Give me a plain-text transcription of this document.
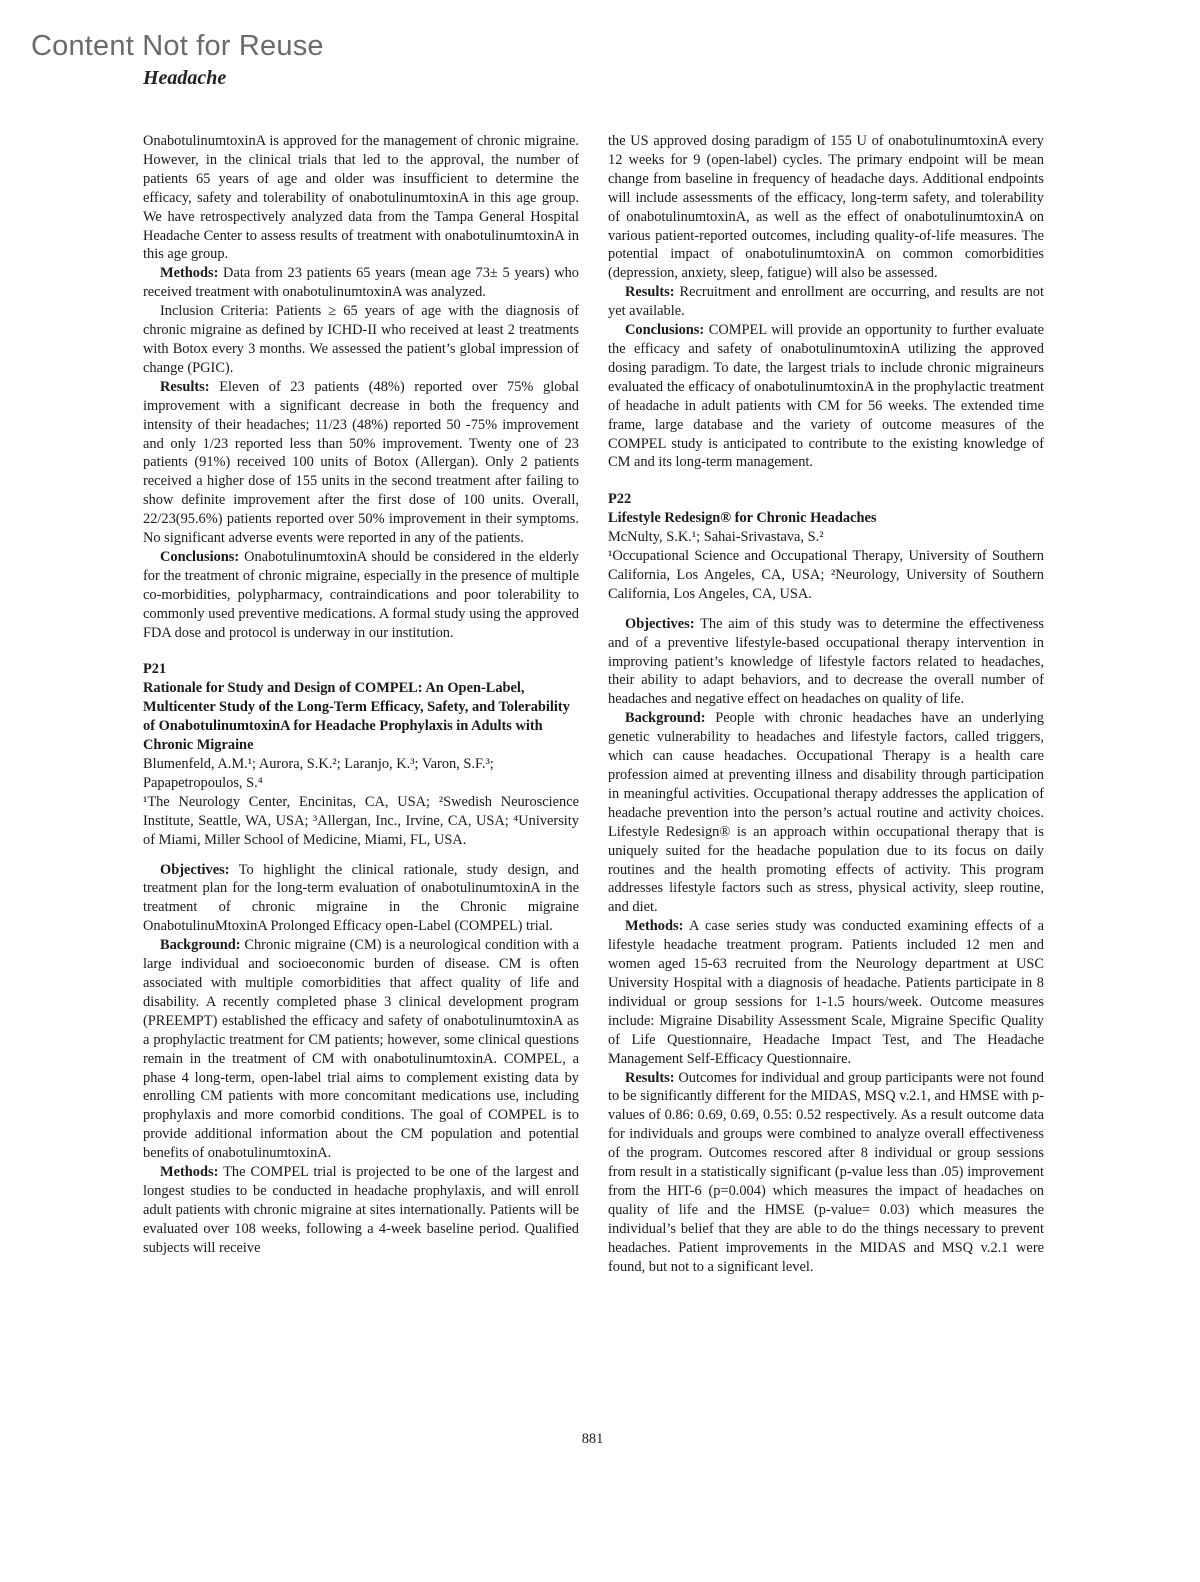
Content Not for Reuse
Headache

OnabotulinumtoxinA is approved for the management of chronic migraine. However, in the clinical trials that led to the approval, the number of patients 65 years of age and older was insufficient to determine the efficacy, safety and tolerability of onabotulinumtoxinA in this age group. We have retrospectively analyzed data from the Tampa General Hospital Headache Center to assess results of treatment with onabotulinumtoxinA in this age group.

Methods: Data from 23 patients 65 years (mean age 73± 5 years) who received treatment with onabotulinumtoxinA was analyzed.

Inclusion Criteria: Patients ≥ 65 years of age with the diagnosis of chronic migraine as defined by ICHD-II who received at least 2 treatments with Botox every 3 months. We assessed the patient’s global impression of change (PGIC).

Results: Eleven of 23 patients (48%) reported over 75% global improvement with a significant decrease in both the frequency and intensity of their headaches; 11/23 (48%) reported 50 -75% improvement and only 1/23 reported less than 50% improvement. Twenty one of 23 patients (91%) received 100 units of Botox (Allergan). Only 2 patients received a higher dose of 155 units in the second treatment after failing to show definite improvement after the first dose of 100 units. Overall, 22/23(95.6%) patients reported over 50% improvement in their symptoms. No significant adverse events were reported in any of the patients.

Conclusions: OnabotulinumtoxinA should be considered in the elderly for the treatment of chronic migraine, especially in the presence of multiple co-morbidities, polypharmacy, contraindications and poor tolerability to commonly used preventive medications. A formal study using the approved FDA dose and protocol is underway in our institution.

P21

Rationale for Study and Design of COMPEL: An Open-Label, Multicenter Study of the Long-Term Efficacy, Safety, and Tolerability of OnabotulinumtoxinA for Headache Prophylaxis in Adults with Chronic Migraine

Blumenfeld, A.M.¹; Aurora, S.K.²; Laranjo, K.³; Varon, S.F.³; Papapetropoulos, S.⁴

¹The Neurology Center, Encinitas, CA, USA; ²Swedish Neuroscience Institute, Seattle, WA, USA; ³Allergan, Inc., Irvine, CA, USA; ⁴University of Miami, Miller School of Medicine, Miami, FL, USA.

Objectives: To highlight the clinical rationale, study design, and treatment plan for the long-term evaluation of onabotulinumtoxinA in the treatment of chronic migraine in the Chronic migraine OnabotulinuMtoxinA Prolonged Efficacy open-Label (COMPEL) trial.

Background: Chronic migraine (CM) is a neurological condition with a large individual and socioeconomic burden of disease. CM is often associated with multiple comorbidities that affect quality of life and disability. A recently completed phase 3 clinical development program (PREEMPT) established the efficacy and safety of onabotulinumtoxinA as a prophylactic treatment for CM patients; however, some clinical questions remain in the treatment of CM with onabotulinumtoxinA. COMPEL, a phase 4 long-term, open-label trial aims to complement existing data by enrolling CM patients with more concomitant medications use, including prophylaxis and more comorbid conditions. The goal of COMPEL is to provide additional information about the CM population and potential benefits of onabotulinumtoxinA.

Methods: The COMPEL trial is projected to be one of the largest and longest studies to be conducted in headache prophylaxis, and will enroll adult patients with chronic migraine at sites internationally. Patients will be evaluated over 108 weeks, following a 4-week baseline period. Qualified subjects will receive

the US approved dosing paradigm of 155 U of onabotulinumtoxinA every 12 weeks for 9 (open-label) cycles. The primary endpoint will be mean change from baseline in frequency of headache days. Additional endpoints will include assessments of the efficacy, long-term safety, and tolerability of onabotulinumtoxinA, as well as the effect of onabotulinumtoxinA on various patient-reported outcomes, including quality-of-life measures. The potential impact of onabotulinumtoxinA on common comorbidities (depression, anxiety, sleep, fatigue) will also be assessed.

Results: Recruitment and enrollment are occurring, and results are not yet available.

Conclusions: COMPEL will provide an opportunity to further evaluate the efficacy and safety of onabotulinumtoxinA utilizing the approved dosing paradigm. To date, the largest trials to include chronic migraineurs evaluated the efficacy of onabotulinumtoxinA in the prophylactic treatment of headache in adult patients with CM for 56 weeks. The extended time frame, large database and the variety of outcome measures of the COMPEL study is anticipated to contribute to the existing knowledge of CM and its long-term management.

P22

Lifestyle Redesign® for Chronic Headaches

McNulty, S.K.¹; Sahai-Srivastava, S.²

¹Occupational Science and Occupational Therapy, University of Southern California, Los Angeles, CA, USA; ²Neurology, University of Southern California, Los Angeles, CA, USA.

Objectives: The aim of this study was to determine the effectiveness and of a preventive lifestyle-based occupational therapy intervention in improving patient’s knowledge of lifestyle factors related to headaches, their ability to adapt behaviors, and to decrease the overall number of headaches and negative effect on headaches on quality of life.

Background: People with chronic headaches have an underlying genetic vulnerability to headaches and lifestyle factors, called triggers, which can cause headaches. Occupational Therapy is a health care profession aimed at preventing illness and disability through participation in meaningful activities. Occupational therapy addresses the application of headache prevention into the person’s actual routine and activity choices. Lifestyle Redesign® is an approach within occupational therapy that is uniquely suited for the headache population due to its focus on daily routines and the health promoting effects of activity. This program addresses lifestyle factors such as stress, physical activity, sleep routine, and diet.

Methods: A case series study was conducted examining effects of a lifestyle headache treatment program. Patients included 12 men and women aged 15-63 recruited from the Neurology department at USC University Hospital with a diagnosis of headache. Patients participate in 8 individual or group sessions for 1-1.5 hours/week. Outcome measures include: Migraine Disability Assessment Scale, Migraine Specific Quality of Life Questionnaire, Headache Impact Test, and The Headache Management Self-Efficacy Questionnaire.

Results: Outcomes for individual and group participants were not found to be significantly different for the MIDAS, MSQ v.2.1, and HMSE with p-values of 0.86: 0.69, 0.69, 0.55: 0.52 respectively. As a result outcome data for individuals and groups were combined to analyze overall effectiveness of the program. Outcomes rescored after 8 individual or group sessions from result in a statistically significant (p-value less than .05) improvement from the HIT-6 (p=0.004) which measures the impact of headaches on quality of life and the HMSE (p-value= 0.03) which measures the individual’s belief that they are able to do the things necessary to prevent headaches. Patient improvements in the MIDAS and MSQ v.2.1 were found, but not to a significant level.

881
